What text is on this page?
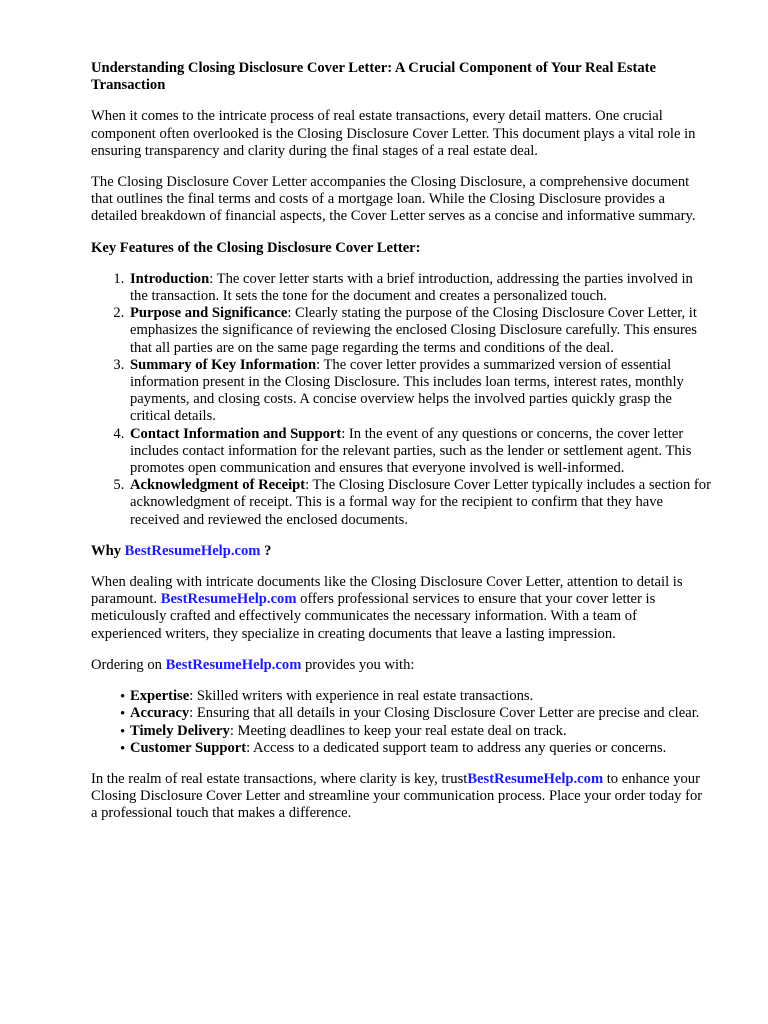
Understanding Closing Disclosure Cover Letter: A Crucial Component of Your Real Estate Transaction

When it comes to the intricate process of real estate transactions, every detail matters. One crucial component often overlooked is the Closing Disclosure Cover Letter. This document plays a vital role in ensuring transparency and clarity during the final stages of a real estate deal.

The Closing Disclosure Cover Letter accompanies the Closing Disclosure, a comprehensive document that outlines the final terms and costs of a mortgage loan. While the Closing Disclosure provides a detailed breakdown of financial aspects, the Cover Letter serves as a concise and informative summary.

Key Features of the Closing Disclosure Cover Letter:
1. Introduction: The cover letter starts with a brief introduction, addressing the parties involved in the transaction. It sets the tone for the document and creates a personalized touch.
2. Purpose and Significance: Clearly stating the purpose of the Closing Disclosure Cover Letter, it emphasizes the significance of reviewing the enclosed Closing Disclosure carefully. This ensures that all parties are on the same page regarding the terms and conditions of the deal.
3. Summary of Key Information: The cover letter provides a summarized version of essential information present in the Closing Disclosure. This includes loan terms, interest rates, monthly payments, and closing costs. A concise overview helps the involved parties quickly grasp the critical details.
4. Contact Information and Support: In the event of any questions or concerns, the cover letter includes contact information for the relevant parties, such as the lender or settlement agent. This promotes open communication and ensures that everyone involved is well-informed.
5. Acknowledgment of Receipt: The Closing Disclosure Cover Letter typically includes a section for acknowledgment of receipt. This is a formal way for the recipient to confirm that they have received and reviewed the enclosed documents.
Why BestResumeHelp.com ?

When dealing with intricate documents like the Closing Disclosure Cover Letter, attention to detail is paramount. BestResumeHelp.com offers professional services to ensure that your cover letter is meticulously crafted and effectively communicates the necessary information. With a team of experienced writers, they specialize in creating documents that leave a lasting impression.

Ordering on BestResumeHelp.com provides you with:

• Expertise: Skilled writers with experience in real estate transactions.
• Accuracy: Ensuring that all details in your Closing Disclosure Cover Letter are precise and clear.
• Timely Delivery: Meeting deadlines to keep your real estate deal on track.
• Customer Support: Access to a dedicated support team to address any queries or concerns.

In the realm of real estate transactions, where clarity is key, trustBestResumeHelp.com to enhance your Closing Disclosure Cover Letter and streamline your communication process. Place your order today for a professional touch that makes a difference.
